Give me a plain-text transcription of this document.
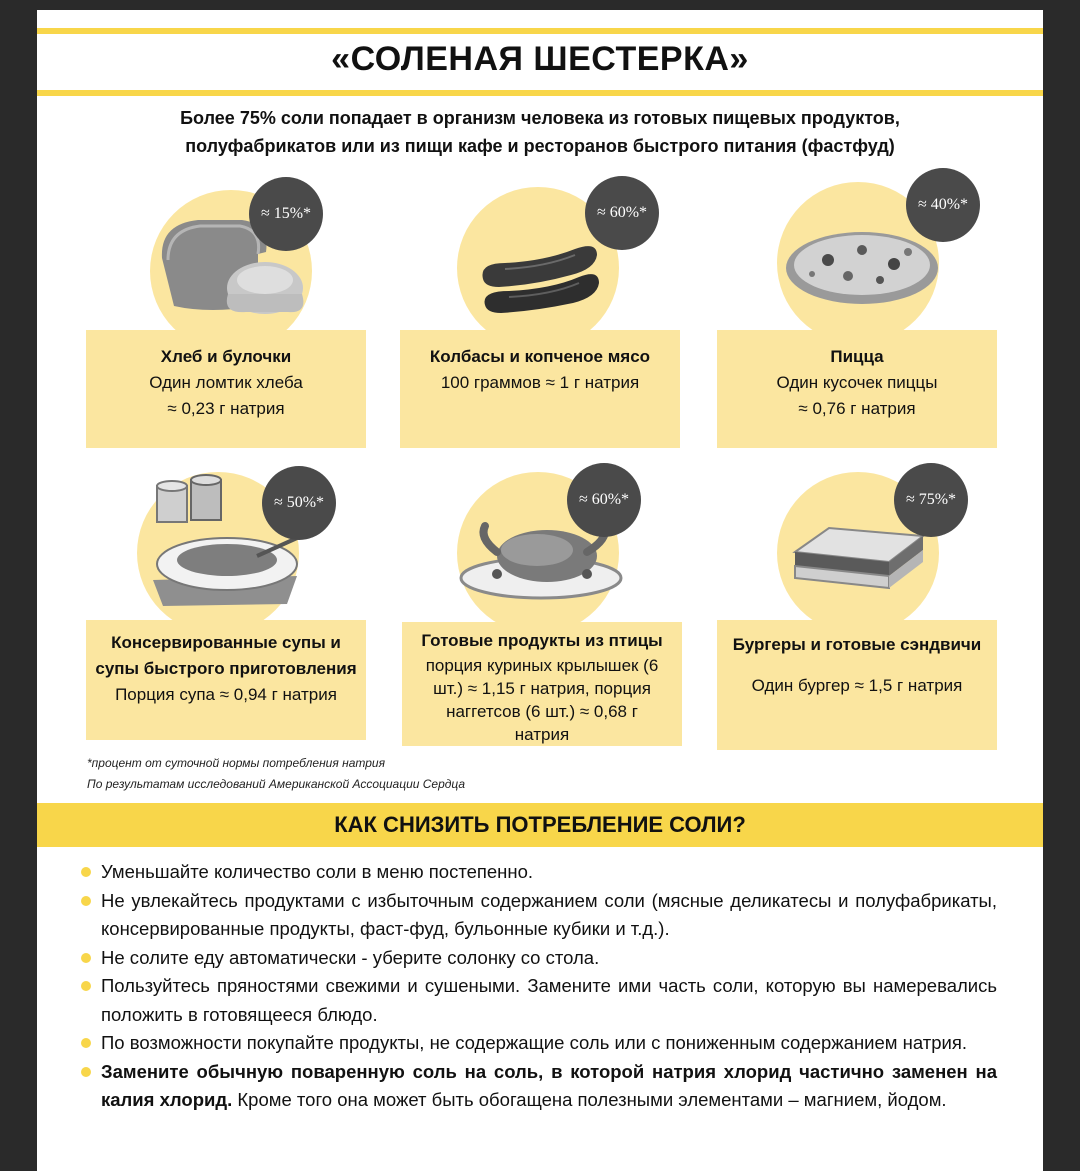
«СОЛЕНАЯ ШЕСТЕРКА»
Более 75% соли попадает в организм человека из готовых пищевых продуктов,
полуфабрикатов или из пищи кафе и ресторанов быстрого питания (фастфуд)
≈ 15%*
Хлеб и булочки
Один ломтик хлеба
≈ 0,23 г натрия
≈ 60%*
Колбасы и копченое мясо
100 граммов ≈ 1 г натрия
≈ 40%*
Пицца
Один кусочек пиццы
≈ 0,76 г натрия
≈ 50%*
Консервированные супы и
супы быстрого приготовления
Порция супа ≈ 0,94 г натрия
≈ 60%*
Готовые продукты из птицы
порция куриных крылышек (6
шт.) ≈ 1,15 г натрия, порция
наггетсов (6 шт.) ≈ 0,68 г
натрия
≈ 75%*
Бургеры и готовые сэндвичи
Один бургер ≈ 1,5 г натрия
*процент от суточной нормы потребления натрия
По результатам исследований Американской Ассоциации Сердца
КАК СНИЗИТЬ ПОТРЕБЛЕНИЕ СОЛИ?
Уменьшайте количество соли в меню постепенно.
Не увлекайтесь продуктами с избыточным содержанием соли (мясные деликатесы и полуфабрикаты, консервированные продукты, фаст-фуд, бульонные кубики и т.д.).
Не солите еду автоматически - уберите солонку со стола.
Пользуйтесь пряностями свежими и сушеными. Замените ими часть соли, которую вы намеревались положить в готовящееся блюдо.
По возможности покупайте продукты, не содержащие соль или с пониженным содержанием натрия.
Замените обычную поваренную соль на соль, в которой натрия хлорид частично заменен на калия хлорид. Кроме того она может быть обогащена полезными элементами – магнием, йодом.
